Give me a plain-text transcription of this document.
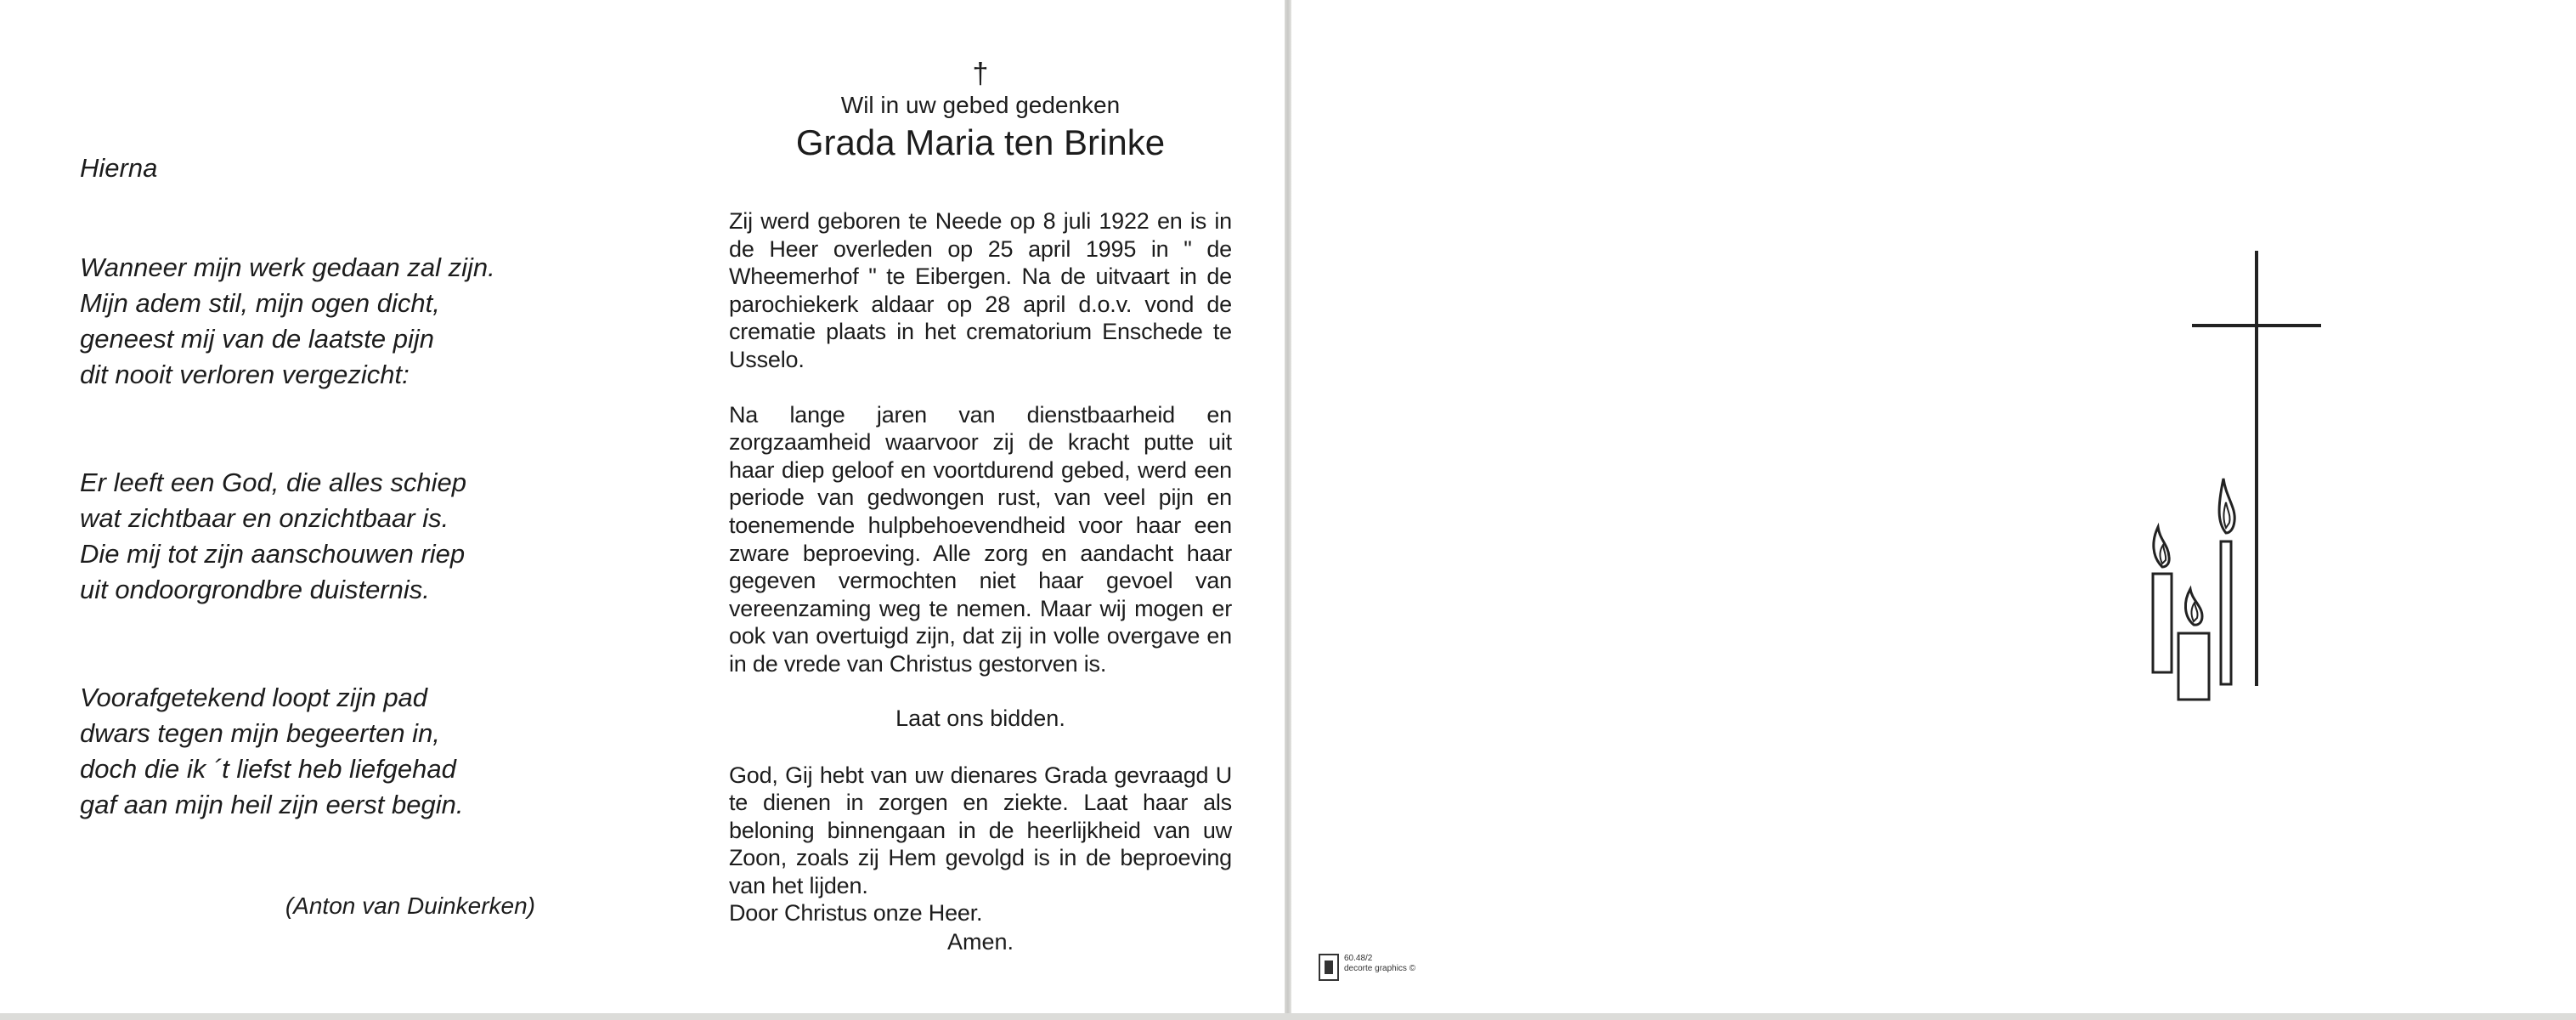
Hierna
Wanneer mijn werk gedaan zal zijn.
Mijn adem stil, mijn ogen dicht,
geneest mij van de laatste pijn
dit nooit verloren vergezicht:
Er leeft een God, die alles schiep
wat zichtbaar en onzichtbaar is.
Die mij tot zijn aanschouwen riep
uit ondoorgrondbre duisternis.
Voorafgetekend loopt zijn pad
dwars tegen mijn begeerten in,
doch die ik ´t liefst heb liefgehad
gaf aan mijn heil zijn eerst begin.
(Anton van Duinkerken)
†
Wil in uw gebed gedenken
Grada Maria ten Brinke

Zij werd geboren te Neede op 8 juli 1922 en is in de Heer overleden op 25 april 1995 in " de Wheemerhof " te Eibergen. Na de uitvaart in de parochiekerk aldaar op 28 april d.o.v. vond de crematie plaats in het crematorium Enschede te Usselo.

Na lange jaren van dienstbaarheid en zorgzaamheid waarvoor zij de kracht putte uit haar diep geloof en voortdurend gebed, werd een periode van gedwongen rust, van veel pijn en toenemende hulpbehoevendheid voor haar een zware beproeving. Alle zorg en aandacht haar gegeven vermochten niet haar gevoel van vereenzaming weg te nemen. Maar wij mogen er ook van overtuigd zijn, dat zij in volle overgave en in de vrede van Christus gestorven is.

Laat ons bidden.

God, Gij hebt van uw dienares Grada gevraagd U te dienen in zorgen en ziekte. Laat haar als beloning binnengaan in de heerlijkheid van uw Zoon, zoals zij Hem gevolgd is in de beproeving van het lijden.

Door Christus onze Heer.
Amen.
60.48/2
decorte graphics ©
